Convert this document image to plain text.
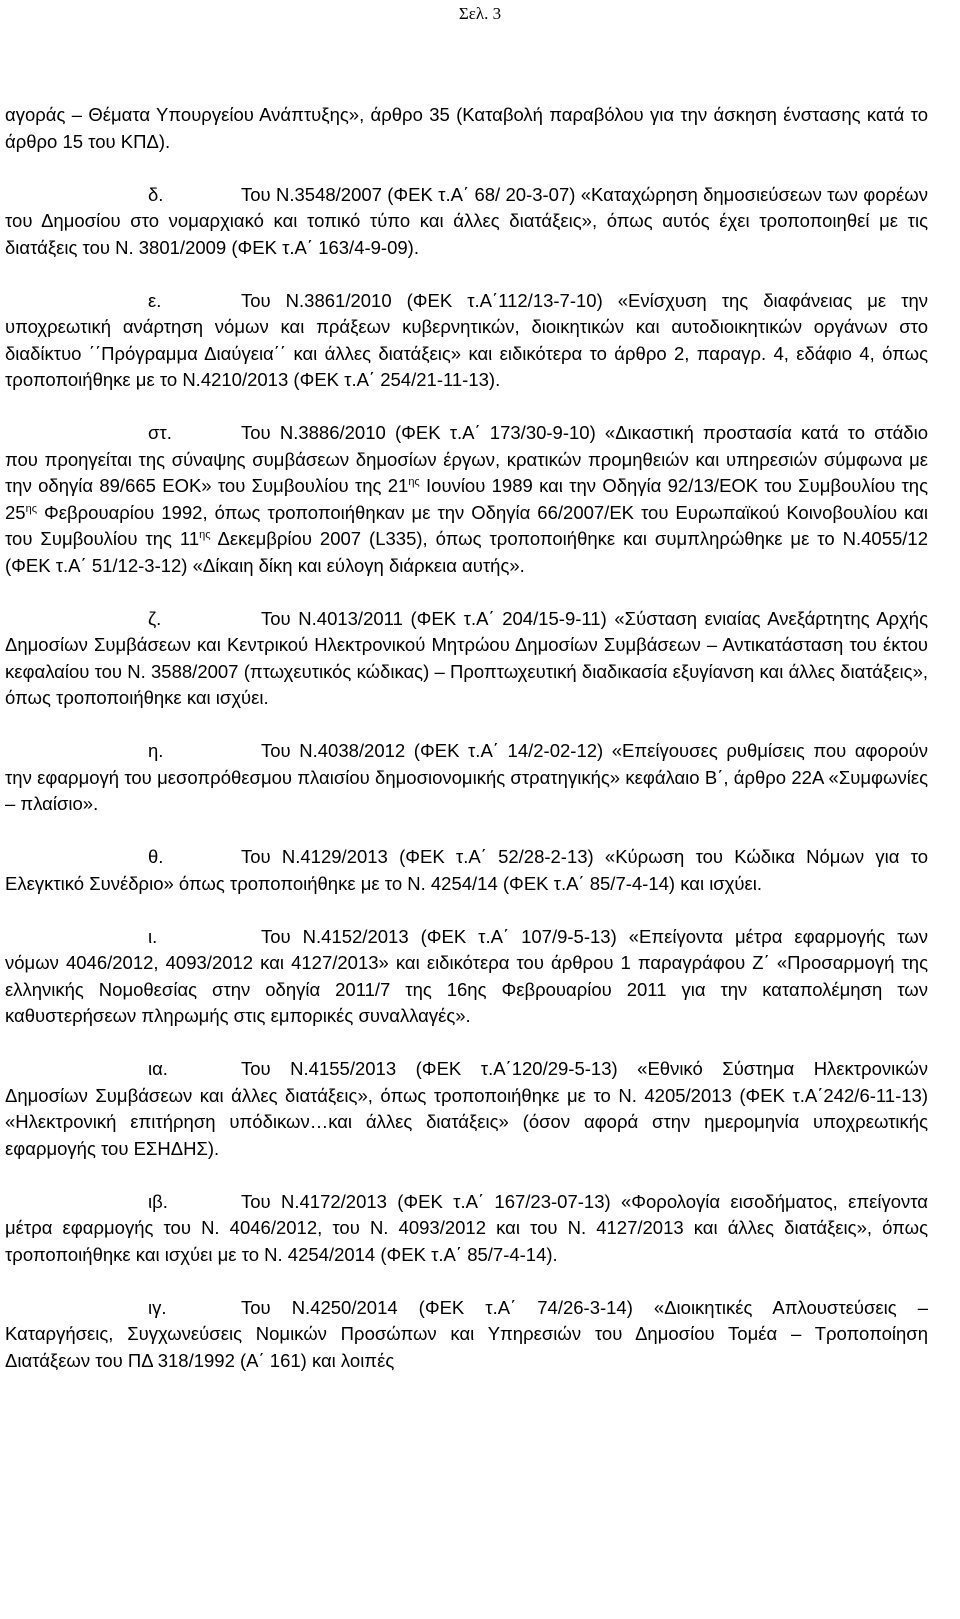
Σελ. 3

αγοράς – Θέματα Υπουργείου Ανάπτυξης», άρθρο 35 (Καταβολή παραβόλου για την άσκηση ένστασης κατά το άρθρο 15 του ΚΠΔ).

δ.	Του Ν.3548/2007 (ΦΕΚ τ.Α΄ 68/ 20-3-07) «Καταχώρηση δημοσιεύσεων των φορέων του Δημοσίου στο νομαρχιακό και τοπικό τύπο και άλλες διατάξεις», όπως αυτός έχει τροποποιηθεί με τις διατάξεις του Ν. 3801/2009 (ΦΕΚ τ.Α΄ 163/4-9-09).

ε.	Του Ν.3861/2010 (ΦΕΚ τ.Α΄112/13-7-10) «Ενίσχυση της διαφάνειας με την υποχρεωτική ανάρτηση νόμων και πράξεων κυβερνητικών, διοικητικών και αυτοδιοικητικών οργάνων στο διαδίκτυο ΄΄Πρόγραμμα Διαύγεια΄΄ και άλλες διατάξεις» και ειδικότερα το άρθρο 2, παραγρ. 4, εδάφιο 4, όπως τροποποιήθηκε με το Ν.4210/2013 (ΦΕΚ τ.Α΄ 254/21-11-13).

στ.	Του Ν.3886/2010 (ΦΕΚ τ.Α΄ 173/30-9-10) «Δικαστική προστασία κατά το στάδιο που προηγείται της σύναψης συμβάσεων δημοσίων έργων, κρατικών προμηθειών και υπηρεσιών σύμφωνα με την οδηγία 89/665 ΕΟΚ» του Συμβουλίου της $21^{\eta\varsigma}$ Ιουνίου 1989 και την Οδηγία 92/13/ΕΟΚ του Συμβουλίου της $25^{\eta\varsigma}$ Φεβρουαρίου 1992, όπως τροποποιήθηκαν με την Οδηγία 66/2007/ΕΚ του Ευρωπαϊκού Κοινοβουλίου και του Συμβουλίου της $11^{\eta\varsigma}$ Δεκεμβρίου 2007 (L335), όπως τροποποιήθηκε και συμπληρώθηκε με το Ν.4055/12 (ΦΕΚ τ.Α΄ 51/12-3-12) «Δίκαιη δίκη και εύλογη διάρκεια αυτής».

ζ.	Του Ν.4013/2011 (ΦΕΚ τ.Α΄ 204/15-9-11) «Σύσταση ενιαίας Ανεξάρτητης Αρχής Δημοσίων Συμβάσεων και Κεντρικού Ηλεκτρονικού Μητρώου Δημοσίων Συμβάσεων – Αντικατάσταση του έκτου κεφαλαίου του Ν. 3588/2007 (πτωχευτικός κώδικας) – Προπτωχευτική διαδικασία εξυγίανση και άλλες διατάξεις», όπως τροποποιήθηκε και ισχύει.

η.	Του Ν.4038/2012 (ΦΕΚ τ.Α΄ 14/2-02-12) «Επείγουσες ρυθμίσεις που αφορούν την εφαρμογή του μεσοπρόθεσμου πλαισίου δημοσιονομικής στρατηγικής» κεφάλαιο Β΄, άρθρο 22Α «Συμφωνίες – πλαίσιο».

θ.	Του Ν.4129/2013 (ΦΕΚ τ.Α΄ 52/28-2-13) «Κύρωση του Κώδικα Νόμων για το Ελεγκτικό Συνέδριο» όπως τροποποιήθηκε με το Ν. 4254/14 (ΦΕΚ τ.Α΄ 85/7-4-14) και ισχύει.

ι.	Του Ν.4152/2013 (ΦΕΚ τ.Α΄ 107/9-5-13) «Επείγοντα μέτρα εφαρμογής των νόμων 4046/2012, 4093/2012 και 4127/2013» και ειδικότερα του άρθρου 1 παραγράφου Ζ΄ «Προσαρμογή της ελληνικής Νομοθεσίας στην οδηγία 2011/7 της 16ης Φεβρουαρίου 2011 για την καταπολέμηση των καθυστερήσεων πληρωμής στις εμπορικές συναλλαγές».

ια.	Του Ν.4155/2013 (ΦΕΚ τ.Α΄120/29-5-13) «Εθνικό Σύστημα Ηλεκτρονικών Δημοσίων Συμβάσεων και άλλες διατάξεις», όπως τροποποιήθηκε με το Ν. 4205/2013 (ΦΕΚ τ.Α΄242/6-11-13) «Ηλεκτρονική επιτήρηση υπόδικων…και άλλες διατάξεις» (όσον αφορά στην ημερομηνία υποχρεωτικής εφαρμογής του ΕΣΗΔΗΣ).

ιβ.	Του Ν.4172/2013 (ΦΕΚ τ.Α΄ 167/23-07-13) «Φορολογία εισοδήματος, επείγοντα μέτρα εφαρμογής του Ν. 4046/2012, του Ν. 4093/2012 και του Ν. 4127/2013 και άλλες διατάξεις», όπως τροποποιήθηκε και ισχύει με το Ν. 4254/2014 (ΦΕΚ τ.Α΄ 85/7-4-14).

ιγ.	Του Ν.4250/2014 (ΦΕΚ τ.Α΄ 74/26-3-14) «Διοικητικές Απλουστεύσεις – Καταργήσεις, Συγχωνεύσεις Νομικών Προσώπων και Υπηρεσιών του Δημοσίου Τομέα – Τροποποίηση Διατάξεων του ΠΔ 318/1992 (Α΄ 161) και λοιπές
